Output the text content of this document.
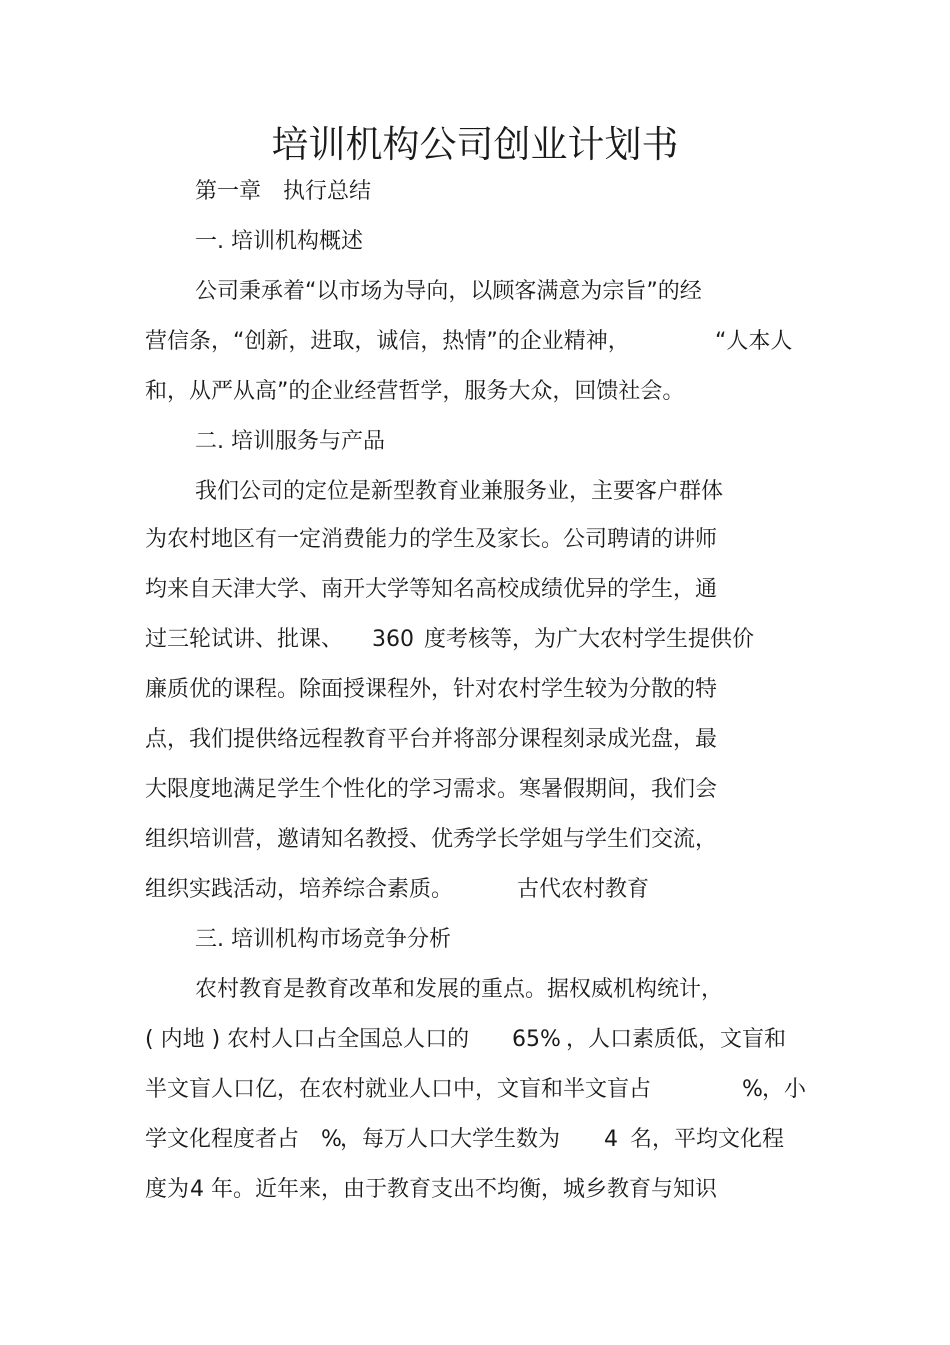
培训机构公司创业计划书
第一章　执行总结
一. 培训机构概述
公司秉承着“以市场为导向，以顾客满意为宗旨”的经
营信条，“创新，进取，诚信，热情”的企业精神，	“人本人
和，从严从高”的企业经营哲学，服务大众，回馈社会。
二. 培训服务与产品
我们公司的定位是新型教育业兼服务业，主要客户群体
为农村地区有一定消费能力的学生及家长。公司聘请的讲师
均来自天津大学、南开大学等知名高校成绩优异的学生，通
过三轮试讲、批课、 360 度考核等，为广大农村学生提供价
廉质优的课程。除面授课程外，针对农村学生较为分散的特
点，我们提供络远程教育平台并将部分课程刻录成光盘，最
大限度地满足学生个性化的学习需求。寒暑假期间，我们会
组织培训营，邀请知名教授、优秀学长学姐与学生们交流，
组织实践活动，培养综合素质。	古代农村教育
三. 培训机构市场竞争分析
农村教育是教育改革和发展的重点。据权威机构统计，
( 内地 ) 农村人口占全国总人口的 65% ，人口素质低，文盲和
半文盲人口亿，在农村就业人口中，文盲和半文盲占	% ，小
学文化程度者占 %
，每万人口大学生数为 4 名，平均文化程
度为 4 年。近年来，由于教育支出不均衡，城乡教育与知识
